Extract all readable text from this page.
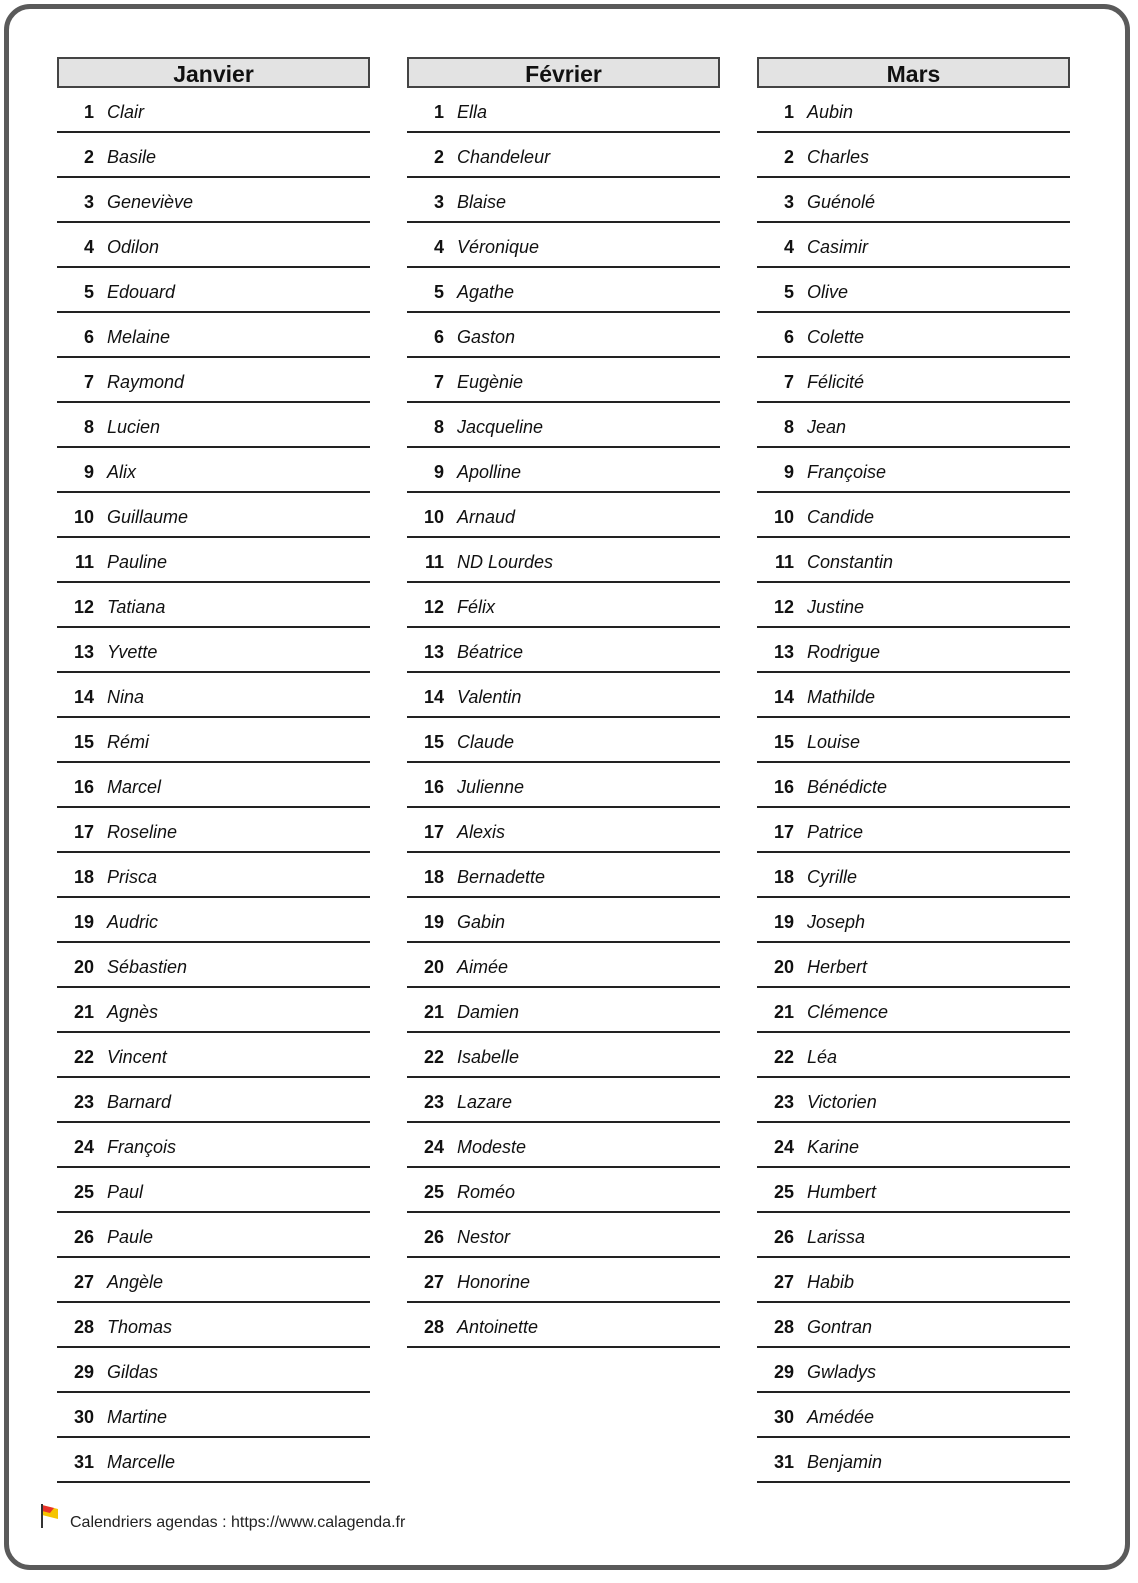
Janvier
1 Clair
2 Basile
3 Geneviève
4 Odilon
5 Edouard
6 Melaine
7 Raymond
8 Lucien
9 Alix
10 Guillaume
11 Pauline
12 Tatiana
13 Yvette
14 Nina
15 Rémi
16 Marcel
17 Roseline
18 Prisca
19 Audric
20 Sébastien
21 Agnès
22 Vincent
23 Barnard
24 François
25 Paul
26 Paule
27 Angèle
28 Thomas
29 Gildas
30 Martine
31 Marcelle
Février
1 Ella
2 Chandeleur
3 Blaise
4 Véronique
5 Agathe
6 Gaston
7 Eugènie
8 Jacqueline
9 Apolline
10 Arnaud
11 ND Lourdes
12 Félix
13 Béatrice
14 Valentin
15 Claude
16 Julienne
17 Alexis
18 Bernadette
19 Gabin
20 Aimée
21 Damien
22 Isabelle
23 Lazare
24 Modeste
25 Roméo
26 Nestor
27 Honorine
28 Antoinette
Mars
1 Aubin
2 Charles
3 Guénolé
4 Casimir
5 Olive
6 Colette
7 Félicité
8 Jean
9 Françoise
10 Candide
11 Constantin
12 Justine
13 Rodrigue
14 Mathilde
15 Louise
16 Bénédicte
17 Patrice
18 Cyrille
19 Joseph
20 Herbert
21 Clémence
22 Léa
23 Victorien
24 Karine
25 Humbert
26 Larissa
27 Habib
28 Gontran
29 Gwladys
30 Amédée
31 Benjamin
Calendriers agendas : https://www.calagenda.fr
